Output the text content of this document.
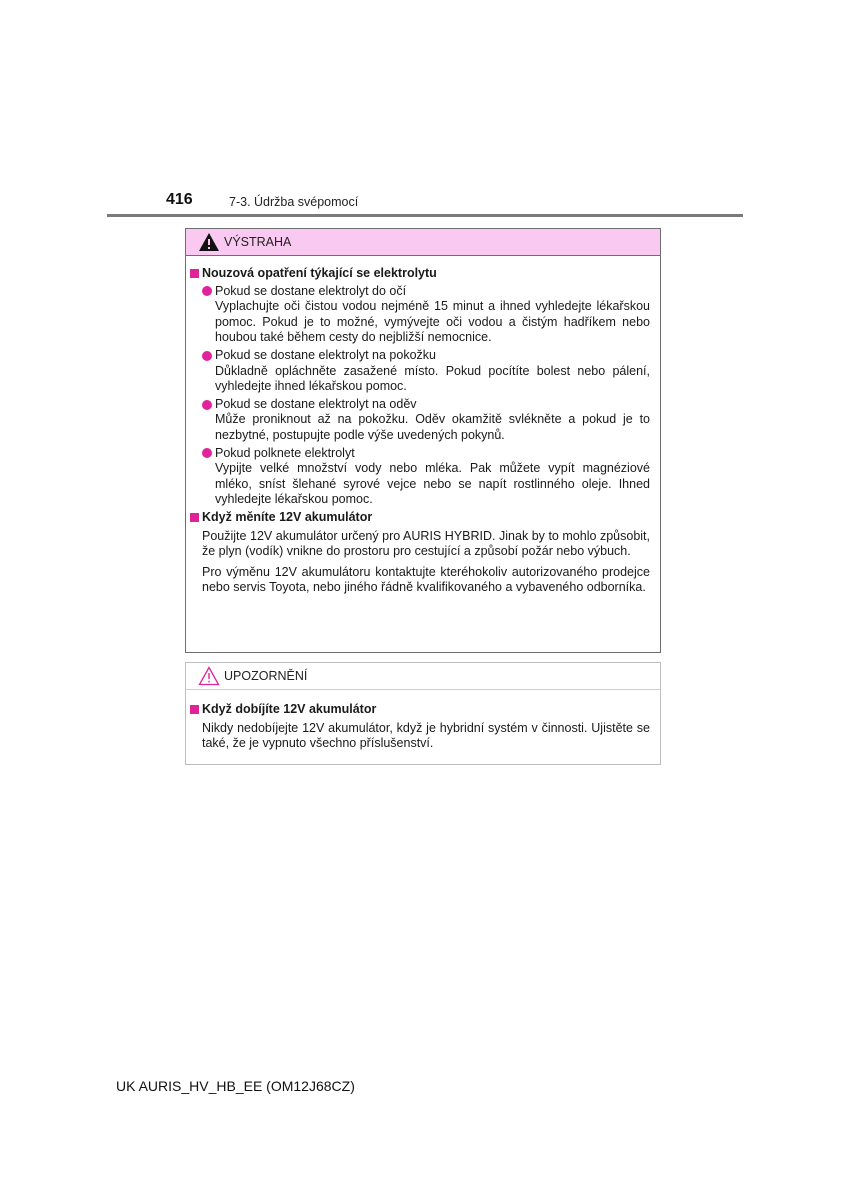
416	7-3. Údržba svépomocí
VÝSTRAHA
Nouzová opatření týkající se elektrolytu
Pokud se dostane elektrolyt do očí
Vyplachujte oči čistou vodou nejméně 15 minut a ihned vyhledejte lékařskou pomoc. Pokud je to možné, vymývejte oči vodou a čistým hadříkem nebo houbou také během cesty do nejbližší nemocnice.
Pokud se dostane elektrolyt na pokožku
Důkladně opláchněte zasažené místo. Pokud pocítíte bolest nebo pálení, vyhledejte ihned lékařskou pomoc.
Pokud se dostane elektrolyt na oděv
Může proniknout až na pokožku. Oděv okamžitě svlékněte a pokud je to nezbytné, postupujte podle výše uvedených pokynů.
Pokud polknete elektrolyt
Vypijte velké množství vody nebo mléka. Pak můžete vypít magnéziové mléko, sníst šlehané syrové vejce nebo se napít rostlinného oleje. Ihned vyhledejte lékařskou pomoc.
Když měníte 12V akumulátor
Použijte 12V akumulátor určený pro AURIS HYBRID. Jinak by to mohlo způsobit, že plyn (vodík) vnikne do prostoru pro cestující a způsobí požár nebo výbuch.
Pro výměnu 12V akumulátoru kontaktujte kteréhokoliv autorizovaného prodejce nebo servis Toyota, nebo jiného řádně kvalifikovaného a vybaveného odborníka.
UPOZORNĚNÍ
Když dobíjíte 12V akumulátor
Nikdy nedobíjejte 12V akumulátor, když je hybridní systém v činnosti. Ujistěte se také, že je vypnuto všechno příslušenství.
UK AURIS_HV_HB_EE (OM12J68CZ)
